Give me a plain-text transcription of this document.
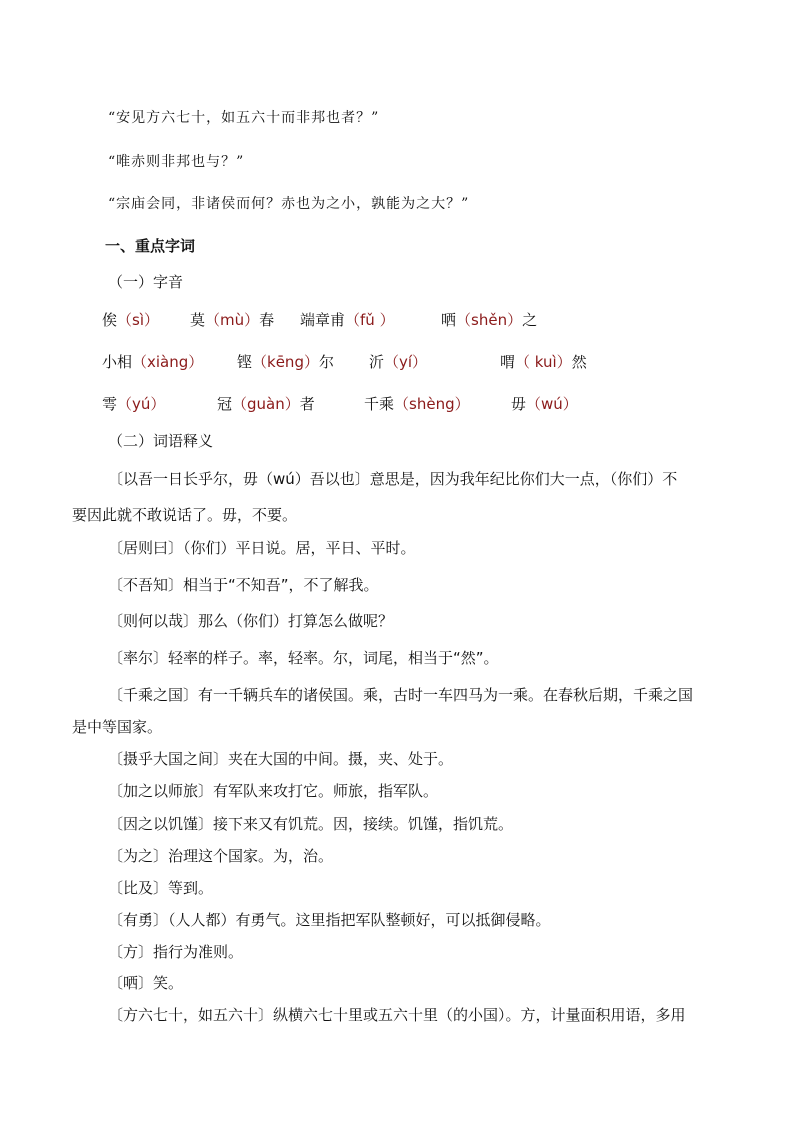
“安见方六七十，如五六十而非邦也者？”
“唯赤则非邦也与？”
“宗庙会同，非诸侯而何？赤也为之小，孰能为之大？”
一、重点字词
（一）字音
俟（sì） 莫（mù）春 端章甫（fǔ ）	哂（shěn）之
小相（xiàng） 铿（kēng）尔 沂（yí）	喟（ kuì）然
雩（yú）	冠（guàn）者	千乘（shèng）	毋（wú）
（二）词语释义
〔以吾一日长乎尔，毋（wú）吾以也〕意思是，因为我年纪比你们大一点，（你们）不
要因此就不敢说话了。毋，不要。
〔居则曰〕（你们）平日说。居，平日、平时。
〔不吾知〕相当于“不知吾”，不了解我。
〔则何以哉〕那么（你们）打算怎么做呢？
〔率尔〕轻率的样子。率，轻率。尔，词尾，相当于“然”。
〔千乘之国〕有一千辆兵车的诸侯国。乘，古时一车四马为一乘。在春秋后期，千乘之国
是中等国家。
〔摄乎大国之间〕夹在大国的中间。摄，夹、处于。
〔加之以师旅〕有军队来攻打它。师旅，指军队。
〔因之以饥馑〕接下来又有饥荒。因，接续。饥馑，指饥荒。
〔为之〕治理这个国家。为，治。
〔比及〕等到。
〔有勇〕（人人都）有勇气。这里指把军队整顿好，可以抵御侵略。
〔方〕指行为准则。
〔哂〕笑。
〔方六七十，如五六十〕纵横六七十里或五六十里（的小国）。方，计量面积用语，多用
